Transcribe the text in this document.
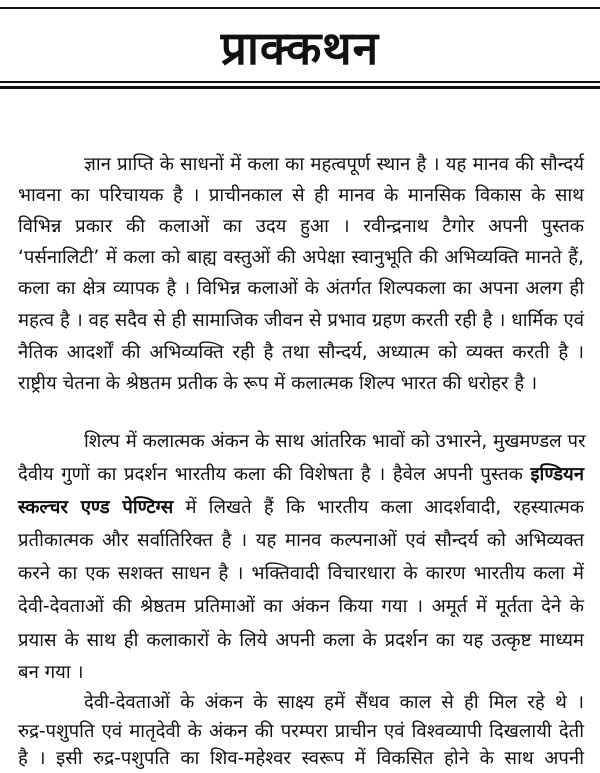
प्राक्कथन
ज्ञान प्राप्ति के साधनों में कला का महत्वपूर्ण स्थान है । यह मानव की सौन्दर्य
भावना का परिचायक है । प्राचीनकाल से ही मानव के मानसिक विकास के साथ
विभिन्न प्रकार की कलाओं का उदय हुआ । रवीन्द्रनाथ टैगोर अपनी पुस्तक
‘पर्सनालिटी’ में कला को बाह्य वस्तुओं की अपेक्षा स्वानुभूति की अभिव्यक्ति मानते हैं,
कला का क्षेत्र व्यापक है । विभिन्न कलाओं के अंतर्गत शिल्पकला का अपना अलग ही
महत्व है । वह सदैव से ही सामाजिक जीवन से प्रभाव ग्रहण करती रही है । धार्मिक एवं
नैतिक आदर्शों की अभिव्यक्ति रही है तथा सौन्दर्य, अध्यात्म को व्यक्त करती है ।
राष्ट्रीय चेतना के श्रेष्ठतम प्रतीक के रूप में कलात्मक शिल्प भारत की धरोहर है ।
शिल्प में कलात्मक अंकन के साथ आंतरिक भावों को उभारने, मुखमण्डल पर
दैवीय गुणों का प्रदर्शन भारतीय कला की विशेषता है । हैवेल अपनी पुस्तक इण्डियन
स्कल्चर एण्ड पेण्टिग्स में लिखते हैं कि भारतीय कला आदर्शवादी, रहस्यात्मक
प्रतीकात्मक और सर्वातिरिक्त है । यह मानव कल्पनाओं एवं सौन्दर्य को अभिव्यक्त
करने का एक सशक्त साधन है । भक्तिवादी विचारधारा के कारण भारतीय कला में
देवी-देवताओं की श्रेष्ठतम प्रतिमाओं का अंकन किया गया । अमूर्त में मूर्तता देने के
प्रयास के साथ ही कलाकारों के लिये अपनी कला के प्रदर्शन का यह उत्कृष्ट माध्यम
बन गया ।
देवी-देवताओं के अंकन के साक्ष्य हमें सैंधव काल से ही मिल रहे थे ।
रुद्र-पशुपति एवं मातृदेवी के अंकन की परम्परा प्राचीन एवं विश्वव्यापी दिखलायी देती
है । इसी रुद्र-पशुपति का शिव-महेश्वर स्वरूप में विकसित होने के साथ अपनी
